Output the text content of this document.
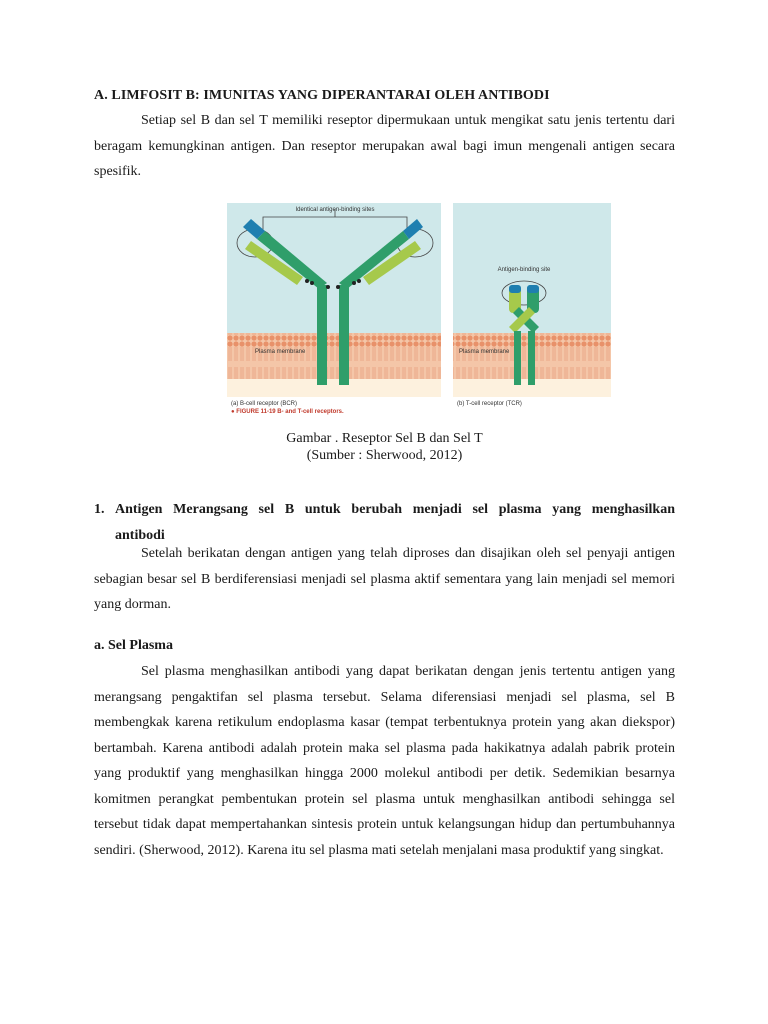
A. LIMFOSIT B: IMUNITAS YANG DIPERANTARAI OLEH ANTIBODI

Setiap sel B dan sel T memiliki reseptor dipermukaan untuk mengikat satu jenis tertentu dari beragam kemungkinan antigen. Dan reseptor merupakan awal bagi imun mengenali antigen secara spesifik.

Identical antigen-binding sites
Plasma membrane
(a) B-cell receptor (BCR)
● FIGURE 11-19 B- and T-cell receptors.
Antigen-binding site
Plasma membrane
(b) T-cell receptor (TCR)
Gambar . Reseptor Sel B dan Sel T
(Sumber : Sherwood, 2012)
1. Antigen Merangsang sel B untuk berubah menjadi sel plasma yang menghasilkan
antibodi

Setelah berikatan dengan antigen yang telah diproses dan disajikan oleh sel penyaji antigen sebagian besar sel B berdiferensiasi menjadi sel plasma aktif sementara yang lain menjadi sel memori yang dorman.

a. Sel Plasma

Sel plasma menghasilkan antibodi yang dapat berikatan dengan jenis tertentu antigen yang merangsang pengaktifan sel plasma tersebut. Selama diferensiasi menjadi sel plasma, sel B membengkak karena retikulum endoplasma kasar (tempat terbentuknya protein yang akan diekspor) bertambah. Karena antibodi adalah protein maka sel plasma pada hakikatnya adalah pabrik protein yang produktif yang menghasilkan hingga 2000 molekul antibodi per detik. Sedemikian besarnya komitmen perangkat pembentukan protein sel plasma untuk menghasilkan antibodi sehingga sel tersebut tidak dapat mempertahankan sintesis protein untuk kelangsungan hidup dan pertumbuhannya sendiri. (Sherwood, 2012). Karena itu sel plasma mati setelah menjalani masa produktif yang singkat.
